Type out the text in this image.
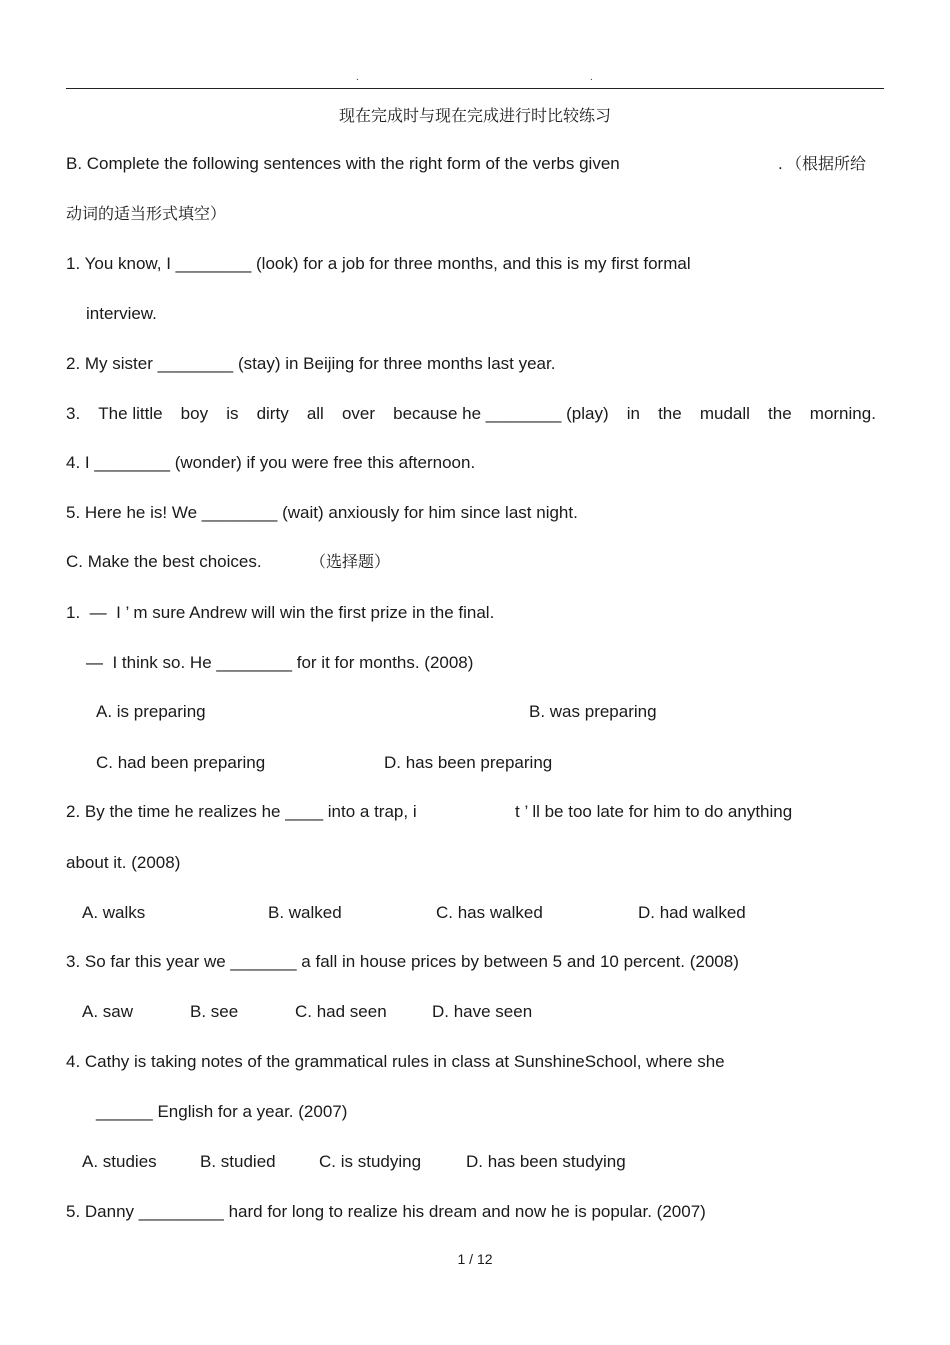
.	.
现在完成时与现在完成进行时比较练习
B. Complete the following sentences with the right form of the verbs given	. （根据所给
动词的适当形式填空）
1. You know, I ________ (look) for a job for three months, and this is my first formal
interview.
2. My sister ________ (stay) in Beijing for three months last year.
3. The little boy is dirty all over because he ________ (play) in the mudall the morning.
4. I ________ (wonder) if you were free this afternoon.
5. Here he is! We ________ (wait) anxiously for him since last night.
C. Make the best choices.	（选择题）
1.  —  I ’ m sure Andrew will win the first prize in the final.
—  I think so. He ________ for it for months. (2008)
A. is preparing	B. was preparing
C. had been preparing	D. has been preparing
2. By the time he realizes he ____ into a trap, i	t ’ ll be too late for him to do anything
about it. (2008)
A. walks	B. walked	C. has walked	D. had walked
3. So far this year we _______ a fall in house prices by between 5 and 10 percent. (2008)
A. saw	B. see	C. had seen	D. have seen
4. Cathy is taking notes of the grammatical rules in class at SunshineSchool, where she
______ English for a year. (2007)
A. studies	B. studied	C. is studying	D. has been studying
5. Danny _________ hard for long to realize his dream and now he is popular. (2007)
1 / 12
